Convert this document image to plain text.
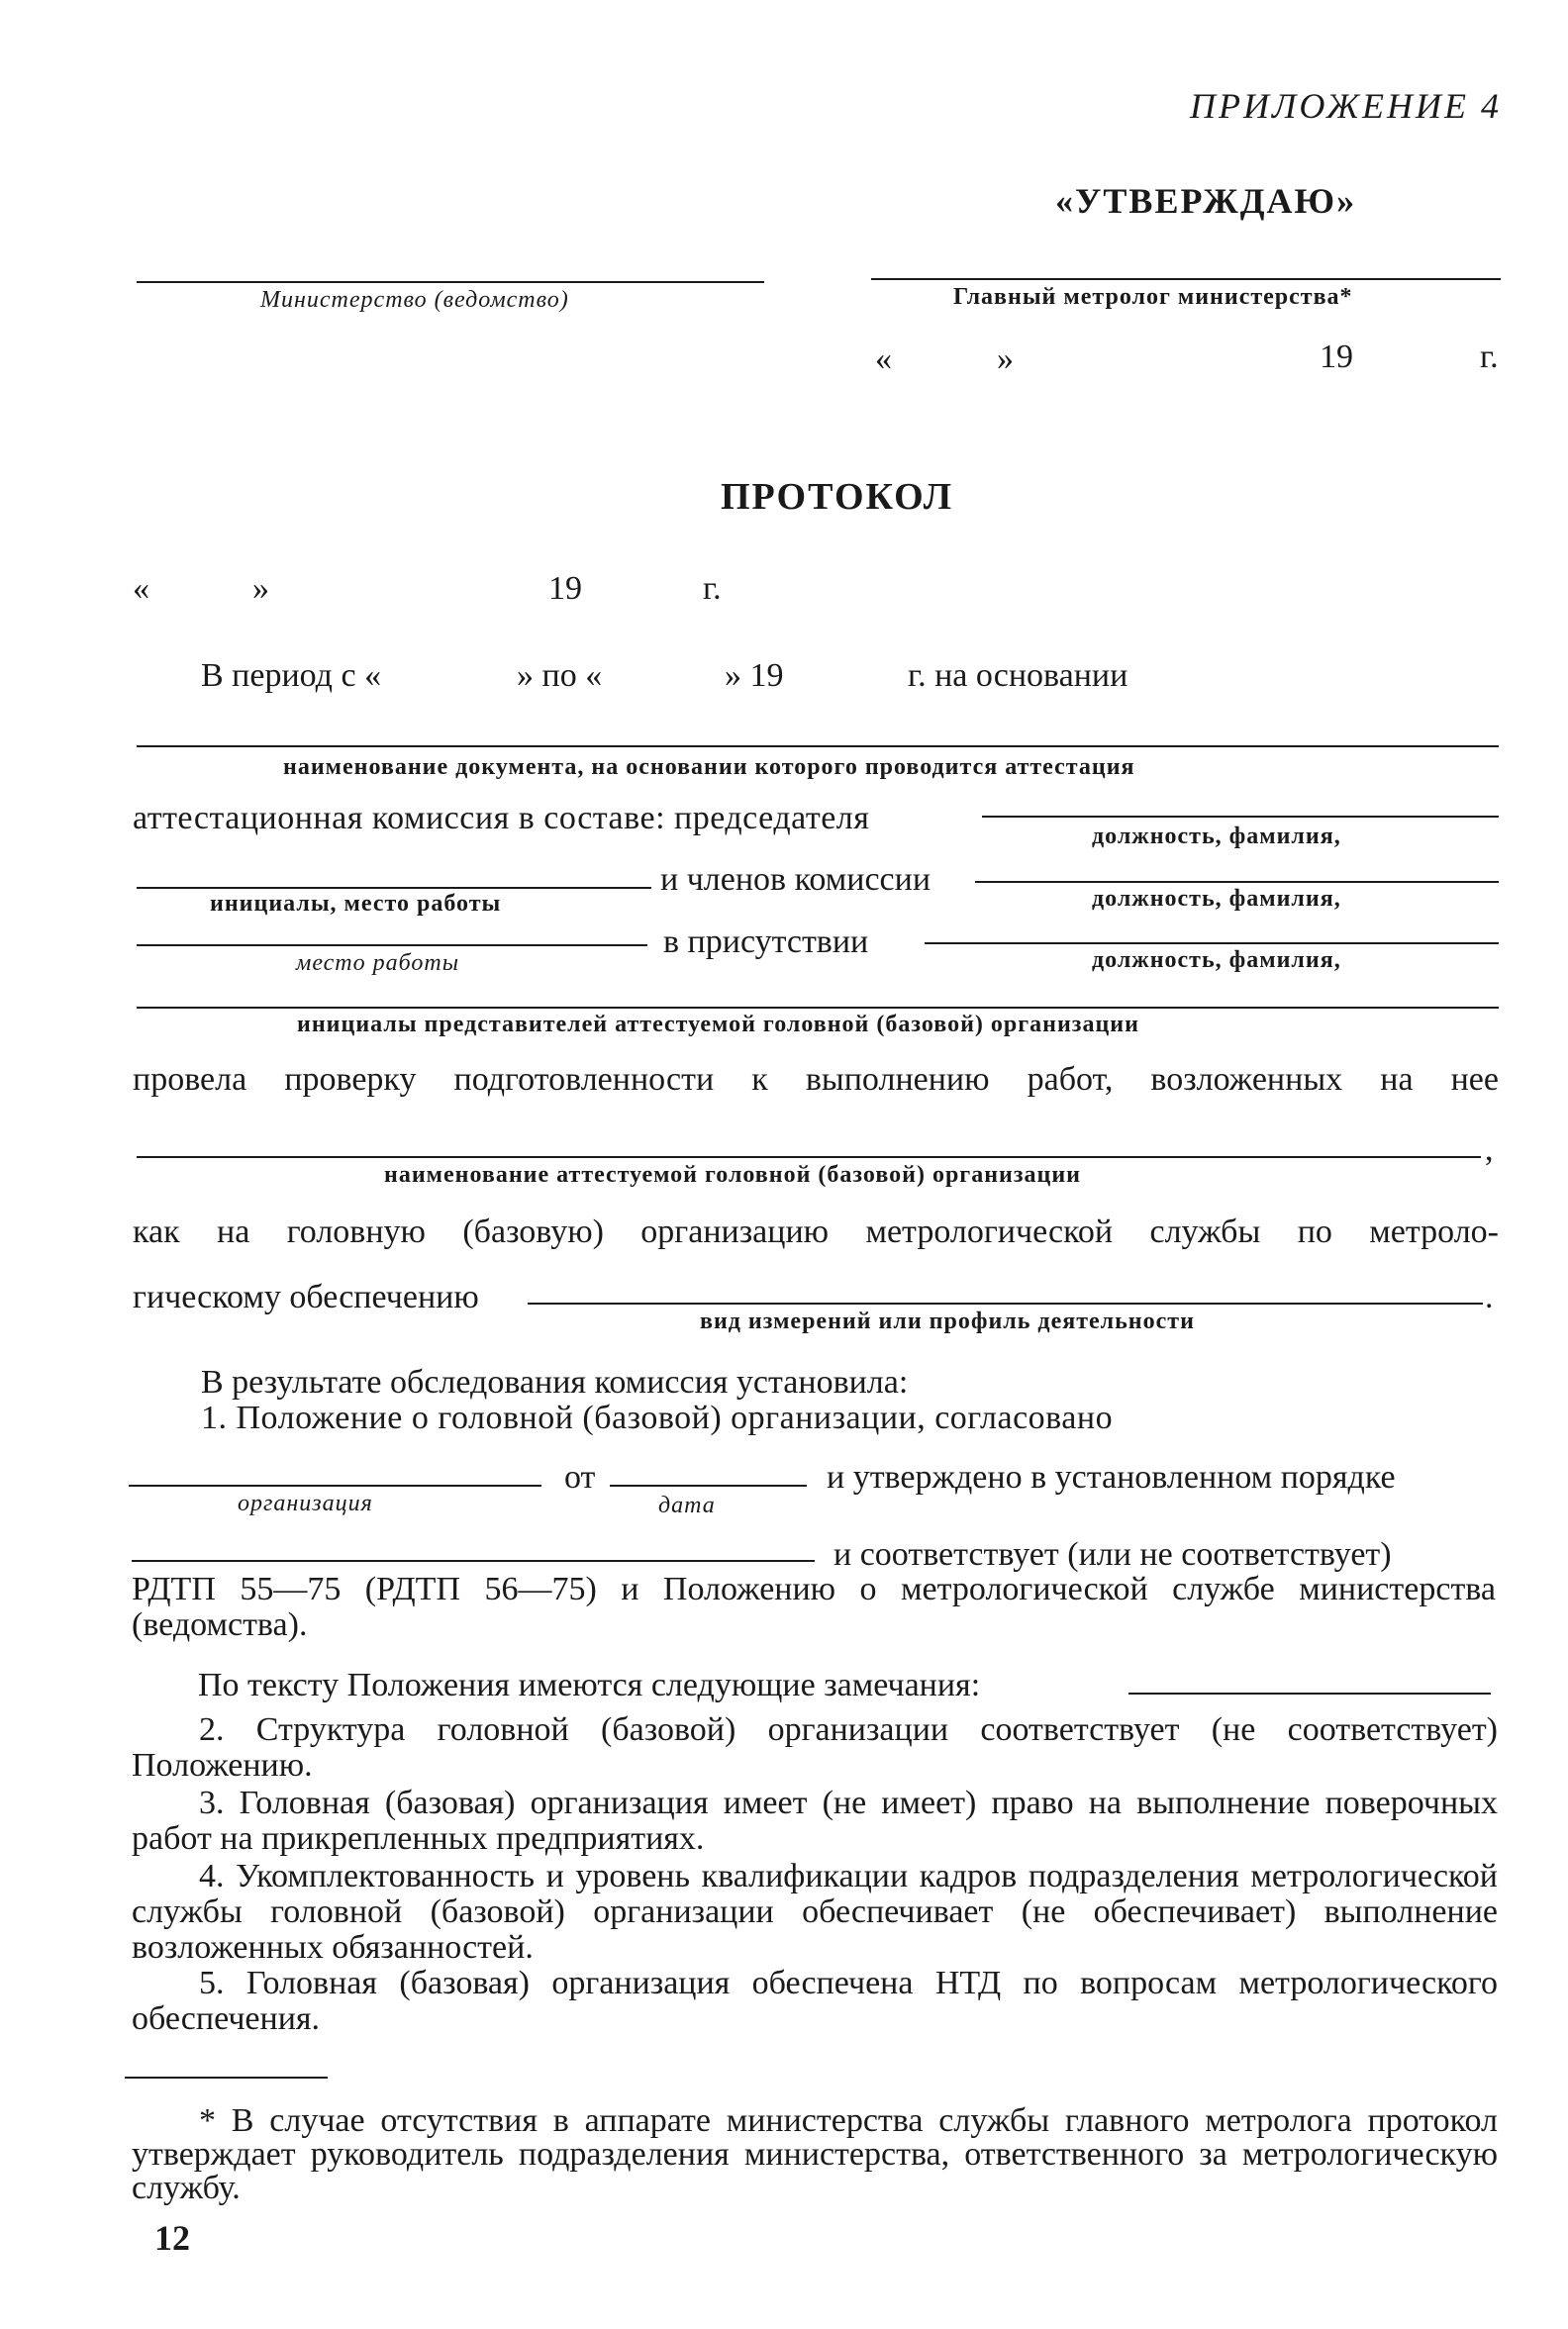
ПРИЛОЖЕНИЕ 4
«УТВЕРЖДАЮ»
Министерство (ведомство)	Главный метролог министерства*
«	»	19	г.
ПРОТОКОЛ
«	»	19	г.
В период с «	» по «	» 19	г. на основании
наименование документа, на основании которого проводится аттестация
аттестационная комиссия в составе: председателя	должность, фамилия,
инициалы, место работы
и членов комиссии
должность, фамилия,
место работы
в присутствии	должность, фамилия,
инициалы представителей аттестуемой головной (базовой) организации
провела проверку подготовленности к выполнению работ, возложенных на нее
,
наименование аттестуемой головной (базовой) организации
как на головную (базовую) организацию метрологической службы по метроло-
гическому обеспечению	.
вид измерений или профиль деятельности
В результате обследования комиссия установила:
1. Положение о головной (базовой) организации, согласовано
организация
от
дата
и утверждено в установленном порядке
и соответствует (или не соответствует)
РДТП 55—75 (РДТП 56—75) и Положению о метрологической службе министерства (ведомства).
По тексту Положения имеются следующие замечания:
2. Структура головной (базовой) организации соответствует (не соответствует) Положению.
3. Головная (базовая) организация имеет (не имеет) право на выполнение поверочных работ на прикрепленных предприятиях.
4. Укомплектованность и уровень квалификации кадров подразделения метрологической службы головной (базовой) организации обеспечивает (не обеспечивает) выполнение возложенных обязанностей.
5. Головная (базовая) организация обеспечена НТД по вопросам метрологического обеспечения.
* В случае отсутствия в аппарате министерства службы главного метролога протокол утверждает руководитель подразделения министерства, ответственного за метрологическую службу.
12
